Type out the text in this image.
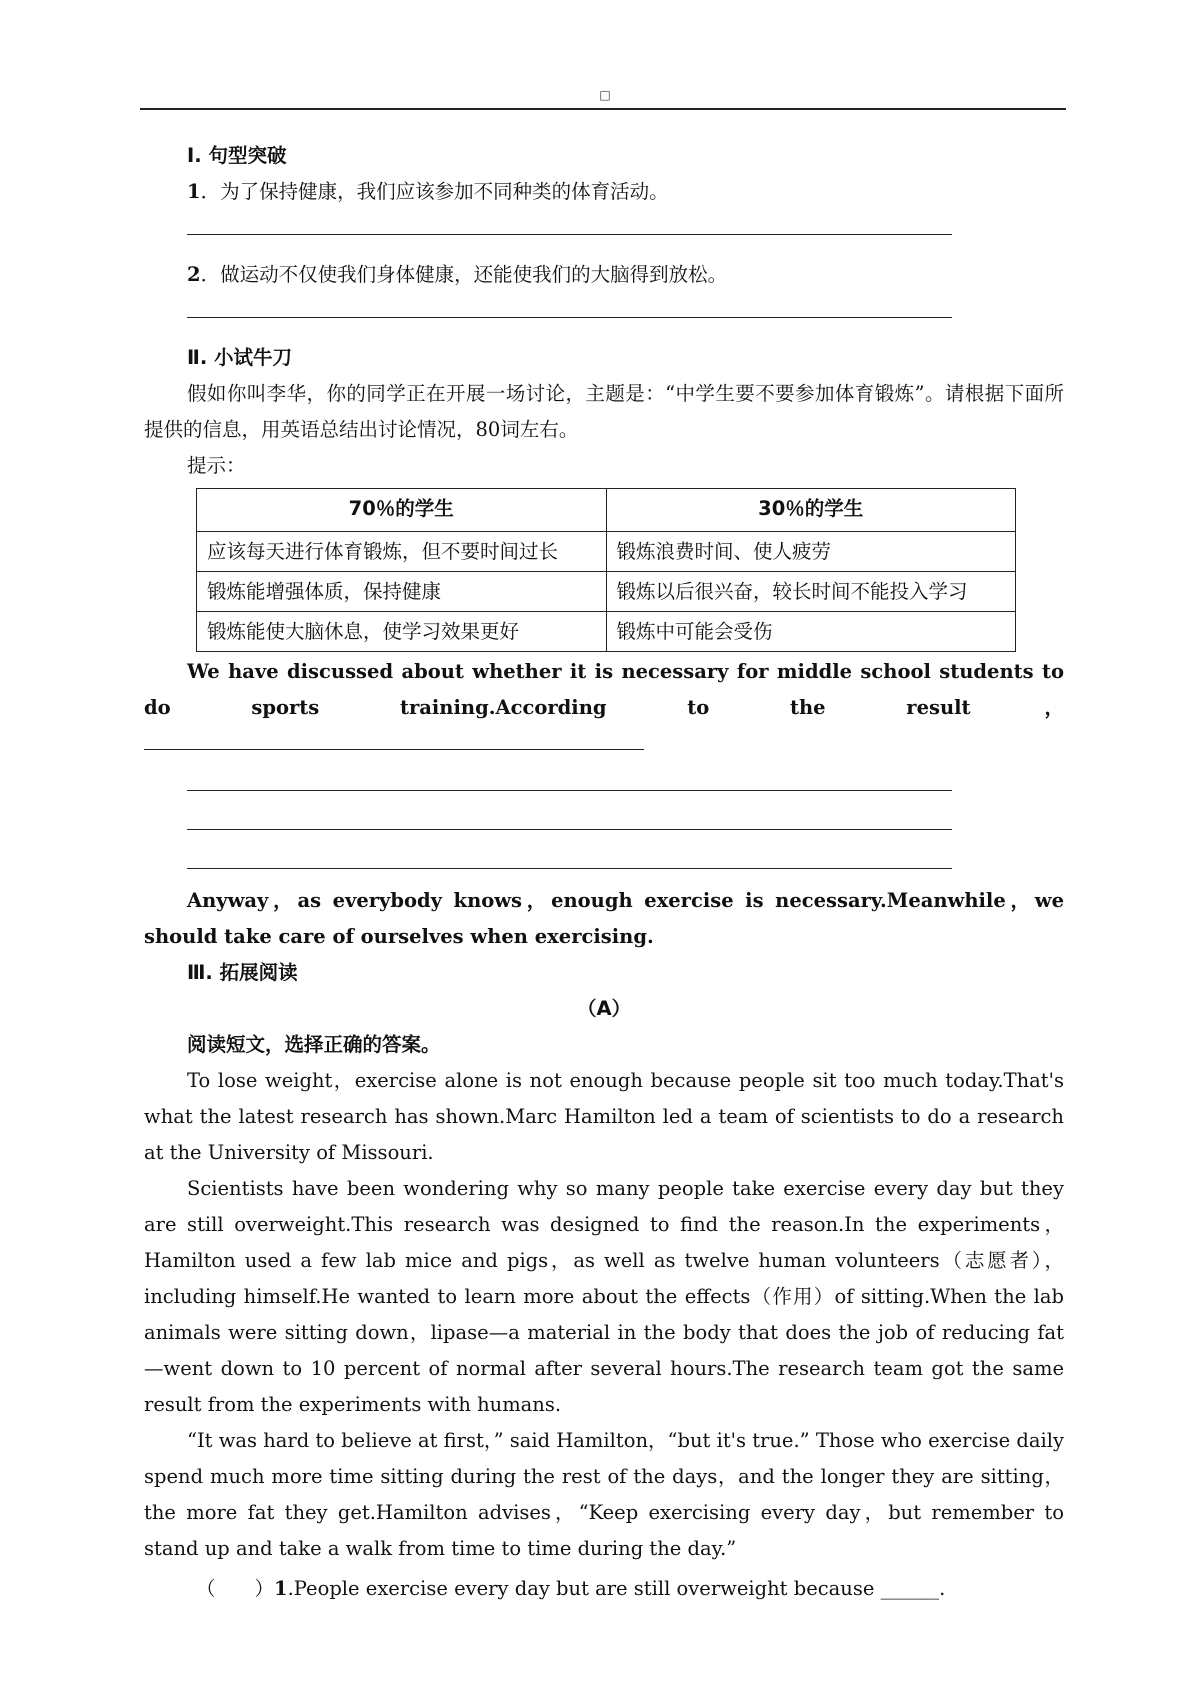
□

Ⅰ. 句型突破

1．为了保持健康，我们应该参加不同种类的体育活动。

2．做运动不仅使我们身体健康，还能使我们的大脑得到放松。

Ⅱ. 小试牛刀

假如你叫李华，你的同学正在开展一场讨论，主题是：“中学生要不要参加体育锻炼”。请根据下面所提供的信息，用英语总结出讨论情况，80词左右。

提示：

70％的学生	30％的学生
应该每天进行体育锻炼，但不要时间过长	锻炼浪费时间、使人疲劳
锻炼能增强体质，保持健康	锻炼以后很兴奋，较长时间不能投入学习
锻炼能使大脑休息，使学习效果更好	锻炼中可能会受伤

We have discussed about whether it is necessary for middle school students to do sports training.According to the result，

Anyway，as everybody knows，enough exercise is necessary.Meanwhile，we should take care of ourselves when exercising.

Ⅲ. 拓展阅读

（A）

阅读短文，选择正确的答案。

To lose weight，exercise alone is not enough because people sit too much today.That's what the latest research has shown.Marc Hamilton led a team of scientists to do a research at the University of Missouri.

Scientists have been wondering why so many people take exercise every day but they are still overweight.This research was designed to find the reason.In the experiments，Hamilton used a few lab mice and pigs，as well as twelve human volunteers（志愿者），including himself.He wanted to learn more about the effects（作用）of sitting.When the lab animals were sitting down，lipase—a material in the body that does the job of reducing fat—went down to 10 percent of normal after several hours.The research team got the same result from the experiments with humans.

“It was hard to believe at first，” said Hamilton，“but it's true.” Those who exercise daily spend much more time sitting during the rest of the days，and the longer they are sitting，the more fat they get.Hamilton advises，“Keep exercising every day，but remember to stand up and take a walk from time to time during the day.”

（　　）1.People exercise every day but are still overweight because ______.
